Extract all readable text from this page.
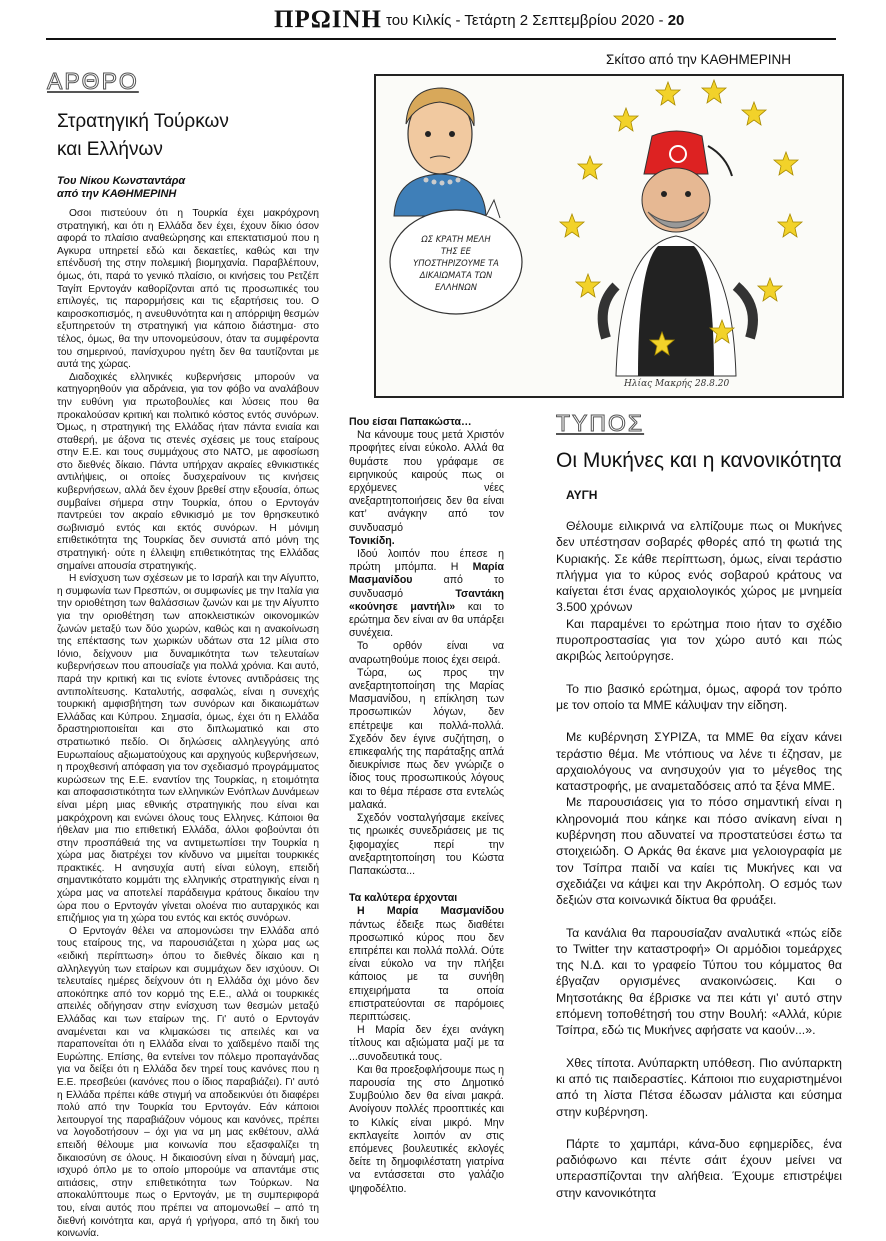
ΠΡΩΙΝΗ του Κιλκίς - Τετάρτη 2 Σεπτεμβρίου 2020 - 20
Σκίτσο από την ΚΑΘΗΜΕΡΙΝΗ
ΑΡΘΡΟ
Στρατηγική Τούρκων
και Ελλήνων
Του Νίκου Κωνσταντάρα
από την ΚΑΘΗΜΕΡΙΝΗ

Οσοι πιστεύουν ότι η Τουρκία έχει μακρόχρονη στρατηγική, και ότι η Ελλάδα δεν έχει, έχουν δίκιο όσον αφορά το πλαίσιο αναθεώρησης και επεκτατισμού που η Αγκυρα υπηρετεί εδώ και δεκαετίες, καθώς και την επένδυσή της στην πολεμική βιομηχανία. Παραβλέπουν, όμως, ότι, παρά το γενικό πλαίσιο, οι κινήσεις του Ρετζέπ Ταγίπ Ερντογάν καθορίζονται από τις προσωπικές του επιλογές, τις παρορμήσεις και τις εξαρτήσεις του. Ο καιροσκοπισμός, η ανευθυνότητα και η απόρριψη θεσμών εξυπηρετούν τη στρατηγική για κάποιο διάστημα· στο τέλος, όμως, θα την υπονομεύσουν, όταν τα συμφέροντα του σημερινού, πανίσχυρου ηγέτη δεν θα ταυτίζονται με αυτά της χώρας.

Διαδοχικές ελληνικές κυβερνήσεις μπορούν να κατηγορηθούν για αδράνεια, για τον φόβο να αναλάβουν την ευθύνη για πρωτοβουλίες και λύσεις που θα προκαλούσαν κριτική και πολιτικό κόστος εντός συνόρων. Όμως, η στρατηγική της Ελλάδας ήταν πάντα ενιαία και σταθερή, με άξονα τις στενές σχέσεις με τους εταίρους στην Ε.Ε. και τους συμμάχους στο ΝΑΤΟ, με αφοσίωση στο διεθνές δίκαιο. Πάντα υπήρχαν ακραίες εθνικιστικές αντιλήψεις, οι οποίες δυσχεραίνουν τις κινήσεις κυβερνήσεων, αλλά δεν έχουν βρεθεί στην εξουσία, όπως συμβαίνει σήμερα στην Τουρκία, όπου ο Ερντογάν παντρεύει τον ακραίο εθνικισμό με τον θρησκευτικό σωβινισμό εντός και εκτός συνόρων. Η μόνιμη επιθετικότητα της Τουρκίας δεν συνιστά από μόνη της στρατηγική· ούτε η έλλειψη επιθετικότητας της Ελλάδας σημαίνει απουσία στρατηγικής.

Η ενίσχυση των σχέσεων με το Ισραήλ και την Αίγυπτο, η συμφωνία των Πρεσπών, οι συμφωνίες με την Ιταλία για την οριοθέτηση των θαλάσσιων ζωνών και με την Αίγυπτο για την οριοθέτηση των αποκλειστικών οικονομικών ζωνών μεταξύ των δύο χωρών, καθώς και η ανακοίνωση της επέκτασης των χωρικών υδάτων στα 12 μίλια στο Ιόνιο, δείχνουν μια δυναμικότητα των τελευταίων κυβερνήσεων που απουσίαζε για πολλά χρόνια. Και αυτό, παρά την κριτική και τις ενίοτε έντονες αντιδράσεις της αντιπολίτευσης. Καταλυτής, ασφαλώς, είναι η συνεχής τουρκική αμφισβήτηση των συνόρων και δικαιωμάτων Ελλάδας και Κύπρου. Σημασία, όμως, έχει ότι η Ελλάδα δραστηριοποιείται και στο διπλωματικό και στο στρατιωτικό πεδίο. Οι δηλώσεις αλληλεγγύης από Ευρωπαίους αξιωματούχους και αρχηγούς κυβερνήσεων, η προχθεσινή απόφαση για τον σχεδιασμό προγράμματος κυρώσεων της Ε.Ε. εναντίον της Τουρκίας, η ετοιμότητα και αποφασιστικότητα των ελληνικών Ενόπλων Δυνάμεων είναι μέρη μιας εθνικής στρατηγικής που είναι και μακρόχρονη και ενώνει όλους τους Ελληνες. Κάποιοι θα ήθελαν μια πιο επιθετική Ελλάδα, άλλοι φοβούνται ότι στην προσπάθειά της να αντιμετωπίσει την Τουρκία η χώρα μας διατρέχει τον κίνδυνο να μιμείται τουρκικές πρακτικές. Η ανησυχία αυτή είναι εύλογη, επειδή σημαντικότατο κομμάτι της ελληνικής στρατηγικής είναι η χώρα μας να αποτελεί παράδειγμα κράτους δικαίου την ώρα που ο Ερντογάν γίνεται ολοένα πιο αυταρχικός και επιζήμιος για τη χώρα του εντός και εκτός συνόρων.

Ο Ερντογάν θέλει να απομονώσει την Ελλάδα από τους εταίρους της, να παρουσιάζεται η χώρα μας ως «ειδική περίπτωση» όπου το διεθνές δίκαιο και η αλληλεγγύη των εταίρων και συμμάχων δεν ισχύουν. Οι τελευταίες ημέρες δείχνουν ότι η Ελλάδα όχι μόνο δεν αποκόπηκε από τον κορμό της Ε.Ε., αλλά οι τουρκικές απειλές οδήγησαν στην ενίσχυση των θεσμών μεταξύ Ελλάδας και των εταίρων της. Γι' αυτό ο Ερντογάν αναμένεται και να κλιμακώσει τις απειλές και να παραπονείται ότι η Ελλάδα είναι το χαϊδεμένο παιδί της Ευρώπης. Επίσης, θα εντείνει τον πόλεμο προπαγάνδας για να δείξει ότι η Ελλάδα δεν τηρεί τους κανόνες που η Ε.Ε. πρεσβεύει (κανόνες που ο ίδιος παραβιάζει). Γι' αυτό η Ελλάδα πρέπει κάθε στιγμή να αποδεικνύει ότι διαφέρει πολύ από την Τουρκία του Ερντογάν. Εάν κάποιοι λειτουργοί της παραβιάζουν νόμους και κανόνες, πρέπει να λογοδοτήσουν – όχι για να μη μας εκθέτουν, αλλά επειδή θέλουμε μια κοινωνία που εξασφαλίζει τη δικαιοσύνη σε όλους. Η δικαιοσύνη είναι η δύναμή μας, ισχυρό όπλο με το οποίο μπορούμε να απαντάμε στις αιτιάσεις, στην επιθετικότητα των Τούρκων. Να αποκαλύπτουμε πως ο Ερντογάν, με τη συμπεριφορά του, είναι αυτός που πρέπει να απομονωθεί – από τη διεθνή κοινότητα και, αργά ή γρήγορα, από τη δική του κοινωνία.

ΩΣ ΚΡΑΤΗ ΜΕΛΗ
ΤΗΣ ΕΕ
ΥΠΟΣΤΗΡΙΖΟΥΜΕ ΤΑ
ΔΙΚΑΙΩΜΑΤΑ ΤΩΝ
ΕΛΛΗΝΩΝ
Ηλίας Μακρής 28.8.20

Που είσαι Παπακώστα…

Να κάνουμε τους μετά Χριστόν προφήτες είναι εύκολο. Αλλά θα θυμάστε που γράφαμε σε ειρηνικούς καιρούς πως οι ερχόμενες νέες ανεξαρτητοποιήσεις δεν θα είναι κατ’ ανάγκην από τον συνδυασμό

Τονικίδη.

Ιδού λοιπόν που έπεσε η πρώτη μπόμπα. Η Μαρία Μασμανίδου	από το συνδυασμό	Τσαντάκη «κούνησε μαντήλι» και το ερώτημα δεν είναι αν θα υπάρξει συνέχεια.

Το ορθόν είναι να αναρωτηθούμε ποιος έχει σειρά.

Τώρα, ως προς την ανεξαρτητοποίηση της Μαρίας Μασμανίδου, η επίκληση των προσωπικών λόγων, δεν επέτρεψε και πολλά-πολλά. Σχεδόν δεν έγινε συζήτηση, ο επικεφαλής της παράταξης απλά διευκρίνισε πως δεν γνώριζε ο ίδιος τους προσωπικούς λόγους και το θέμα πέρασε στα εντελώς μαλακά.

Σχεδόν νοσταλγήσαμε εκείνες τις ηρωικές συνεδριάσεις με τις ξιφομαχίες περί την ανεξαρτητοποίηση του Κώστα Παπακώστα...

Τα καλύτερα έρχονται

Η Μαρία Μασμανίδου πάντως έδειξε πως διαθέτει προσωπικό κύρος που δεν επιτρέπει και πολλά πολλά. Ούτε είναι εύκολο να την πλήξει κάποιος με τα συνήθη επιχειρήματα τα οποία επιστρατεύονται σε παρόμοιες περιπτώσεις.

Η Μαρία δεν έχει ανάγκη τίτλους και αξιώματα μαζί με τα ...συνοδευτικά τους.

Και θα προεξοφλήσουμε πως η παρουσία της στο Δημοτικό Συμβούλιο δεν θα είναι μακρά. Ανοίγουν πολλές προοπτικές και το Κιλκίς είναι μικρό. Μην εκπλαγείτε λοιπόν αν στις επόμενες βουλευτικές εκλογές δείτε τη δημοφιλέστατη γιατρίνα να εντάσσεται στο γαλάζιο ψηφοδέλτιο.

ΤΥΠΟΣ
Οι Μυκήνες και η κανονικότητα
ΑΥΓΗ

Θέλουμε ειλικρινά να ελπίζουμε πως οι Μυκήνες δεν υπέστησαν σοβαρές φθορές από τη φωτιά της Κυριακής. Σε κάθε περίπτωση, όμως, είναι τεράστιο πλήγμα για το κύρος ενός σοβαρού κράτους να καίγεται έτσι ένας αρχαιολογικός χώρος με μνημεία 3.500 χρόνων

Και παραμένει το ερώτημα ποιο ήταν το σχέδιο πυροπροστασίας για τον χώρο αυτό και πώς ακριβώς λειτούργησε.

Το πιο βασικό ερώτημα, όμως, αφορά τον τρόπο με τον οποίο τα ΜΜΕ κάλυψαν την είδηση.

Με κυβέρνηση ΣΥΡΙΖΑ, τα ΜΜΕ θα είχαν κάνει τεράστιο θέμα. Με ντόπιους να λένε τι έζησαν, με αρχαιολόγους να ανησυχούν για το μέγεθος της καταστροφής, με αναμεταδόσεις από τα ξένα ΜΜΕ.

Με παρουσιάσεις για το πόσο σημαντική είναι η κληρονομιά που κάηκε και πόσο ανίκανη είναι η κυβέρνηση που αδυνατεί να προστατεύσει έστω τα στοιχειώδη. Ο Αρκάς θα έκανε μια γελοιογραφία με τον Τσίπρα παιδί να καίει τις Μυκήνες και να σχεδιάζει να κάψει και την Ακρόπολη. Ο εσμός των δεξιών στα κοινωνικά δίκτυα θα φρυάξει.

Τα κανάλια θα παρουσίαζαν αναλυτικά «πώς είδε το Twitter την καταστροφή» Οι αρμόδιοι τομεάρχες της Ν.Δ. και το γραφείο Τύπου του κόμματος θα έβγαζαν οργισμένες ανακοινώσεις. Και ο Μητσοτάκης θα έβρισκε να πει κάτι γι’ αυτό στην επόμενη τοποθέτησή του στην Βουλή: «Αλλά, κύριε Τσίπρα, εδώ τις Μυκήνες αφήσατε να καούν...».

Χθες τίποτα. Ανύπαρκτη υπόθεση. Πιο ανύπαρκτη κι από τις παιδεραστίες. Κάποιοι πιο ευχαριστημένοι από τη λίστα Πέτσα έδωσαν μάλιστα και εύσημα στην κυβέρνηση.

Πάρτε το χαμπάρι, κάνα-δυο εφημερίδες, ένα ραδιόφωνο και πέντε σάιτ έχουν μείνει να υπερασπίζονται την αλήθεια. Έχουμε επιστρέψει στην κανονικότητα
